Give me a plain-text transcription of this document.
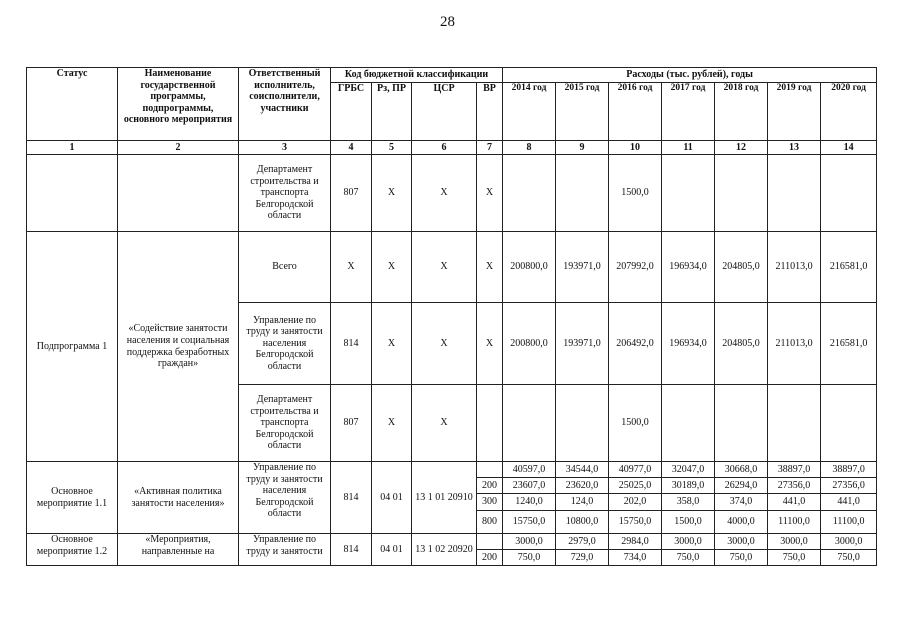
28
Статус	Наименование государственной программы, подпрограммы, основного мероприятия	Ответственный исполнитель, соисполнители, участники	Код бюджетной классификации				Расходы (тыс. рублей), годы						
			ГРБС	Рз, ПР	ЦСР	ВР	2014 год	2015 год	2016 год	2017 год	2018 год	2019 год	2020 год
1	2	3	4	5	6	7	8	9	10	11	12	13	14
		Департамент строительства и транспорта Белгородской области	807	Х	Х	Х			1500,0				
Подпрограмма 1	«Содействие занятости населения и социальная поддержка безработных граждан»	Всего	Х	Х	Х	Х	200800,0	193971,0	207992,0	196934,0	204805,0	211013,0	216581,0
		Управление по труду и занятости населения Белгородской области	814	Х	Х	Х	200800,0	193971,0	206492,0	196934,0	204805,0	211013,0	216581,0
		Департамент строительства и транспорта Белгородской области	807	Х	Х				1500,0				
Основное мероприятие 1.1	«Активная политика занятости населения»	Управление по труду и занятости населения Белгородской области	814	04 01	13 1 01 20910		40597,0	34544,0	40977,0	32047,0	30668,0	38897,0	38897,0
						200	23607,0	23620,0	25025,0	30189,0	26294,0	27356,0	27356,0
						300	1240,0	124,0	202,0	358,0	374,0	441,0	441,0
						800	15750,0	10800,0	15750,0	1500,0	4000,0	11100,0	11100,0
Основное мероприятие 1.2	«Мероприятия, направленные на	Управление по труду и занятости	814	04 01	13 1 02 20920		3000,0	2979,0	2984,0	3000,0	3000,0	3000,0	3000,0
						200	750,0	729,0	734,0	750,0	750,0	750,0	750,0
